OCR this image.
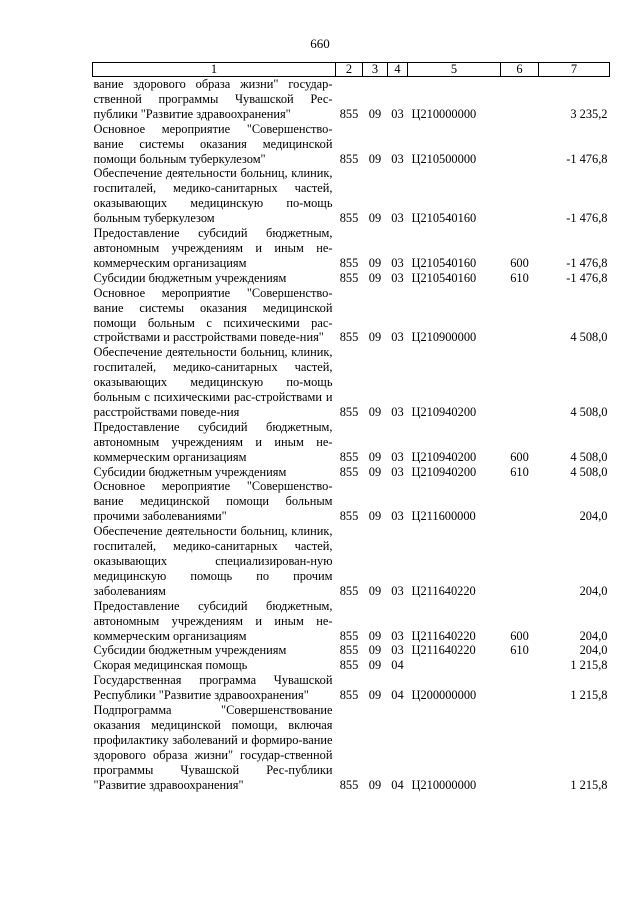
660
1	2	3	4	5	6	7
вание здорового образа жизни" государ-ственной программы Чувашской Рес-публики "Развитие здравоохранения"	855	09	03	Ц210000000		3 235,2
Основное мероприятие "Совершенство-вание системы оказания медицинской помощи больным туберкулезом"	855	09	03	Ц210500000		-1 476,8
Обеспечение деятельности больниц, клиник, госпиталей, медико-санитарных частей, оказывающих медицинскую по-мощь больным туберкулезом	855	09	03	Ц210540160		-1 476,8
Предоставление субсидий бюджетным, автономным учреждениям и иным не-коммерческим организациям	855	09	03	Ц210540160	600	-1 476,8
Субсидии бюджетным учреждениям	855	09	03	Ц210540160	610	-1 476,8
Основное мероприятие "Совершенство-вание системы оказания медицинской помощи больным с психическими рас-стройствами и расстройствами поведе-ния"	855	09	03	Ц210900000		4 508,0
Обеспечение деятельности больниц, клиник, госпиталей, медико-санитарных частей, оказывающих медицинскую по-мощь больным с психическими рас-стройствами и расстройствами поведе-ния	855	09	03	Ц210940200		4 508,0
Предоставление субсидий бюджетным, автономным учреждениям и иным не-коммерческим организациям	855	09	03	Ц210940200	600	4 508,0
Субсидии бюджетным учреждениям	855	09	03	Ц210940200	610	4 508,0
Основное мероприятие "Совершенство-вание медицинской помощи больным прочими заболеваниями"	855	09	03	Ц211600000		204,0
Обеспечение деятельности больниц, клиник, госпиталей, медико-санитарных частей, оказывающих специализирован-ную медицинскую помощь по прочим заболеваниям	855	09	03	Ц211640220		204,0
Предоставление субсидий бюджетным, автономным учреждениям и иным не-коммерческим организациям	855	09	03	Ц211640220	600	204,0
Субсидии бюджетным учреждениям	855	09	03	Ц211640220	610	204,0
Скорая медицинская помощь	855	09	04			1 215,8
Государственная программа Чувашской Республики "Развитие здравоохранения"	855	09	04	Ц200000000		1 215,8
Подпрограмма "Совершенствование оказания медицинской помощи, включая профилактику заболеваний и формиро-вание здорового образа жизни" государ-ственной программы Чувашской Рес-публики "Развитие здравоохранения"	855	09	04	Ц210000000		1 215,8
